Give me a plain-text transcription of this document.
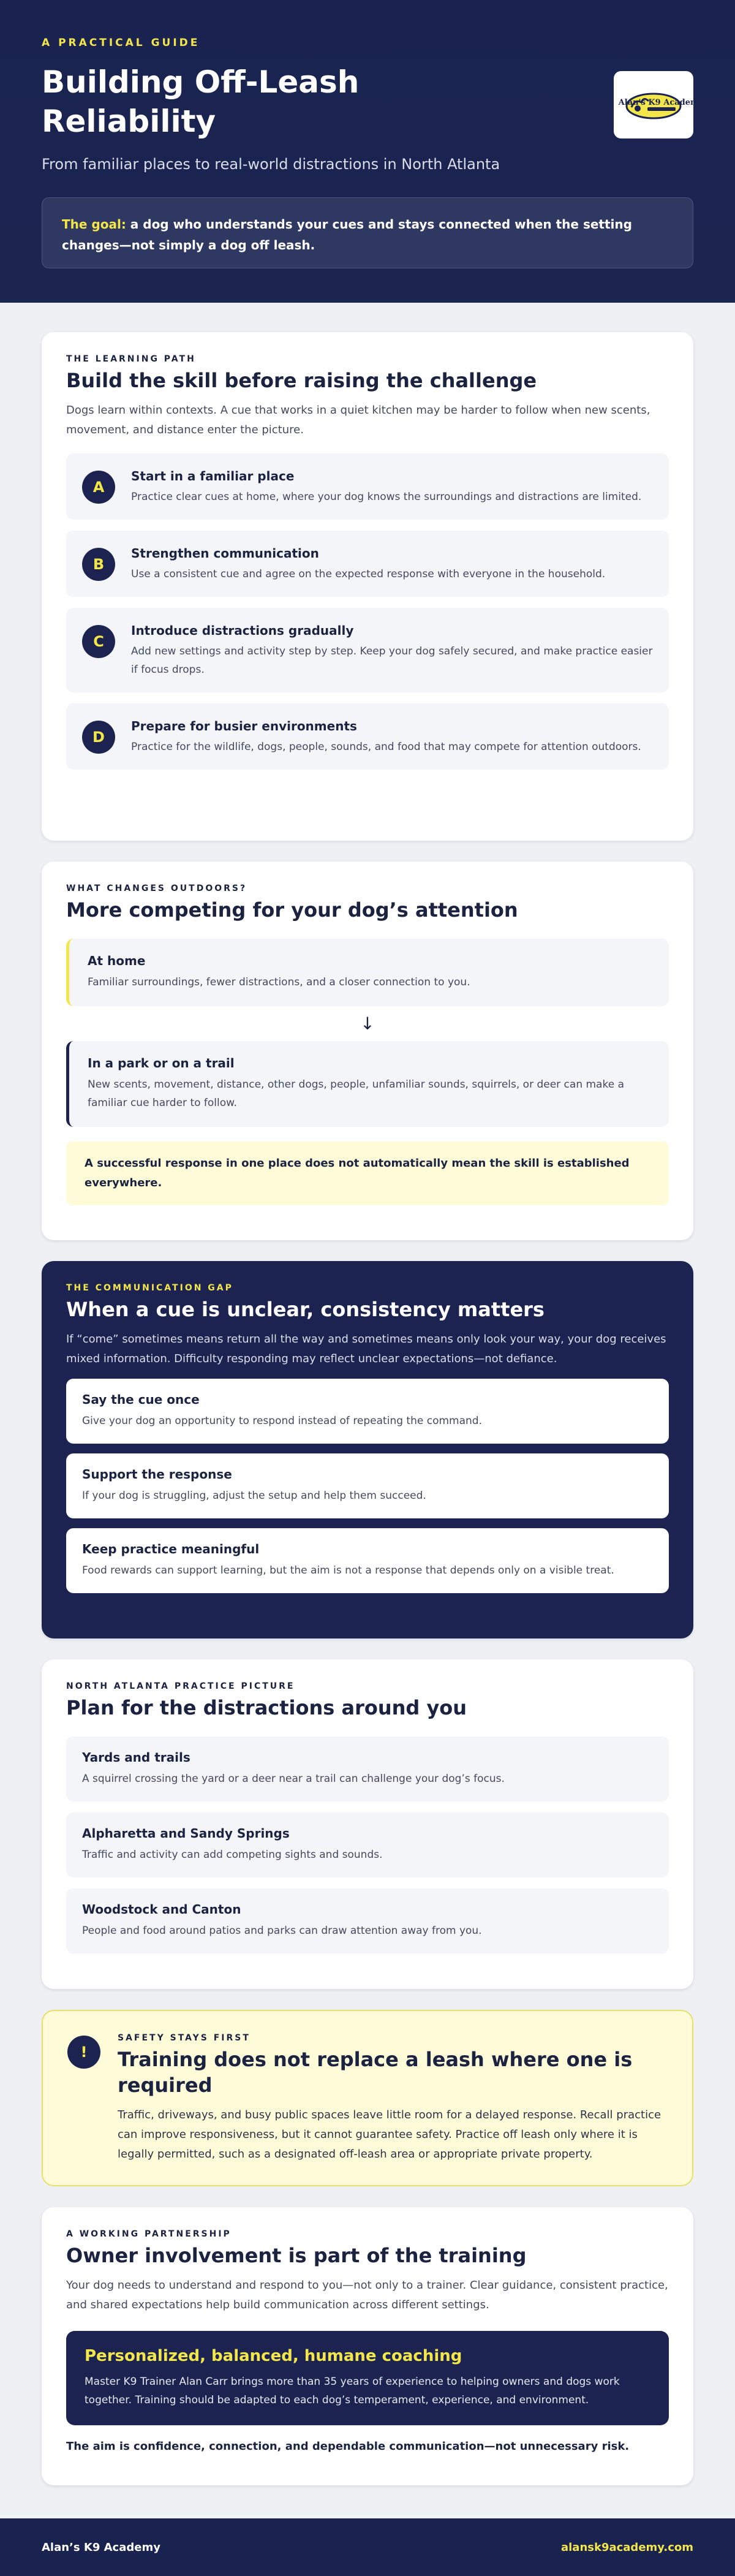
A PRACTICAL GUIDE
Building Off-Leash Reliability
From familiar places to real-world distractions in North Atlanta
Alan's K9 Academy
The goal: a dog who understands your cues and stays connected when the setting changes—not simply a dog off leash.
THE LEARNING PATH
Build the skill before raising the challenge

Dogs learn within contexts. A cue that works in a quiet kitchen may be harder to follow when new scents, movement, and distance enter the picture.

A
Start in a familiar place
Practice clear cues at home, where your dog knows the surroundings and distractions are limited.
B
Strengthen communication
Use a consistent cue and agree on the expected response with everyone in the household.
C
Introduce distractions gradually
Add new settings and activity step by step. Keep your dog safely secured, and make practice easier if focus drops.
D
Prepare for busier environments
Practice for the wildlife, dogs, people, sounds, and food that may compete for attention outdoors.
WHAT CHANGES OUTDOORS?
More competing for your dog’s attention
At home
Familiar surroundings, fewer distractions, and a closer connection to you.
↓
In a park or on a trail
New scents, movement, distance, other dogs, people, unfamiliar sounds, squirrels, or deer can make a familiar cue harder to follow.
A successful response in one place does not automatically mean the skill is established everywhere.
THE COMMUNICATION GAP
When a cue is unclear, consistency matters

If “come” sometimes means return all the way and sometimes means only look your way, your dog receives mixed information. Difficulty responding may reflect unclear expectations—not defiance.

Say the cue once
Give your dog an opportunity to respond instead of repeating the command.
Support the response
If your dog is struggling, adjust the setup and help them succeed.
Keep practice meaningful
Food rewards can support learning, but the aim is not a response that depends only on a visible treat.
NORTH ATLANTA PRACTICE PICTURE
Plan for the distractions around you
Yards and trails
A squirrel crossing the yard or a deer near a trail can challenge your dog’s focus.
Alpharetta and Sandy Springs
Traffic and activity can add competing sights and sounds.
Woodstock and Canton
People and food around patios and parks can draw attention away from you.
!
SAFETY STAYS FIRST
Training does not replace a leash where one is required

Traffic, driveways, and busy public spaces leave little room for a delayed response. Recall practice can improve responsiveness, but it cannot guarantee safety. Practice off leash only where it is legally permitted, such as a designated off-leash area or appropriate private property.

A WORKING PARTNERSHIP
Owner involvement is part of the training

Your dog needs to understand and respond to you—not only to a trainer. Clear guidance, consistent practice, and shared expectations help build communication across different settings.

Personalized, balanced, humane coaching
Master K9 Trainer Alan Carr brings more than 35 years of experience to helping owners and dogs work together. Training should be adapted to each dog’s temperament, experience, and environment.
The aim is confidence, connection, and dependable communication—not unnecessary risk.
Alan’s K9 Academy	alansk9academy.com
